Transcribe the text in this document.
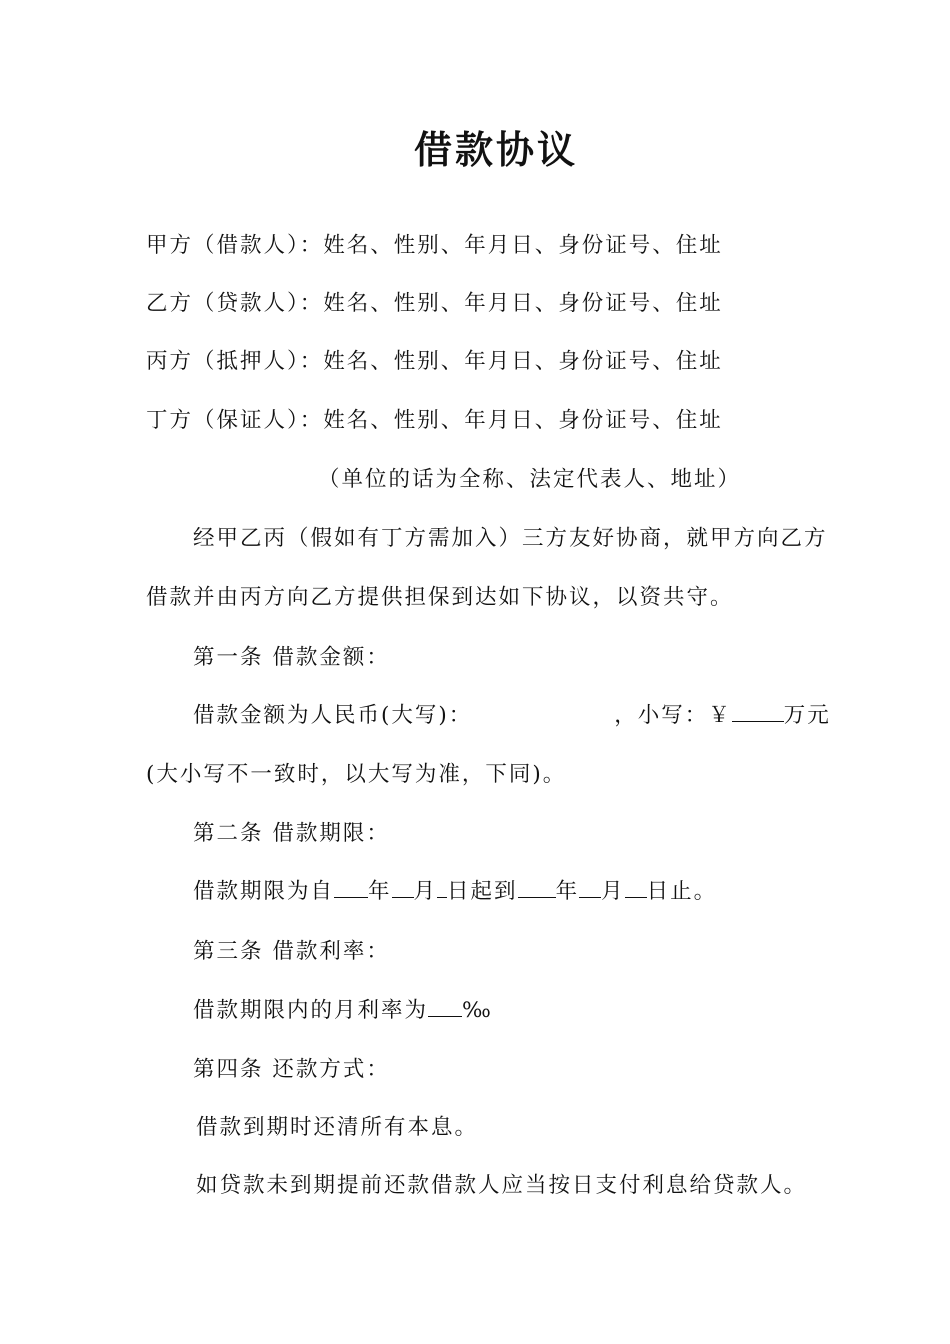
借款协议
甲方（借款人）：姓名、性别、年月日、身份证号、住址
乙方（贷款人）：姓名、性别、年月日、身份证号、住址
丙方（抵押人）：姓名、性别、年月日、身份证号、住址
丁方（保证人）：姓名、性别、年月日、身份证号、住址
（单位的话为全称、法定代表人、地址）
经甲乙丙（假如有丁方需加入）三方友好协商，就甲方向乙方
借款并由丙方向乙方提供担保到达如下协议，以资共守。
第一条 借款金额：
借款金额为人民币(大写)：	，小写：￥ 万元
(大小写不一致时，以大写为准，下同)。
第二条 借款期限：
借款期限为自 年 月 日起到 年 月 日止。
第三条 借款利率：
借款期限内的月利率为 ‰
第四条 还款方式：
借款到期时还清所有本息。
如贷款未到期提前还款借款人应当按日支付利息给贷款人。
